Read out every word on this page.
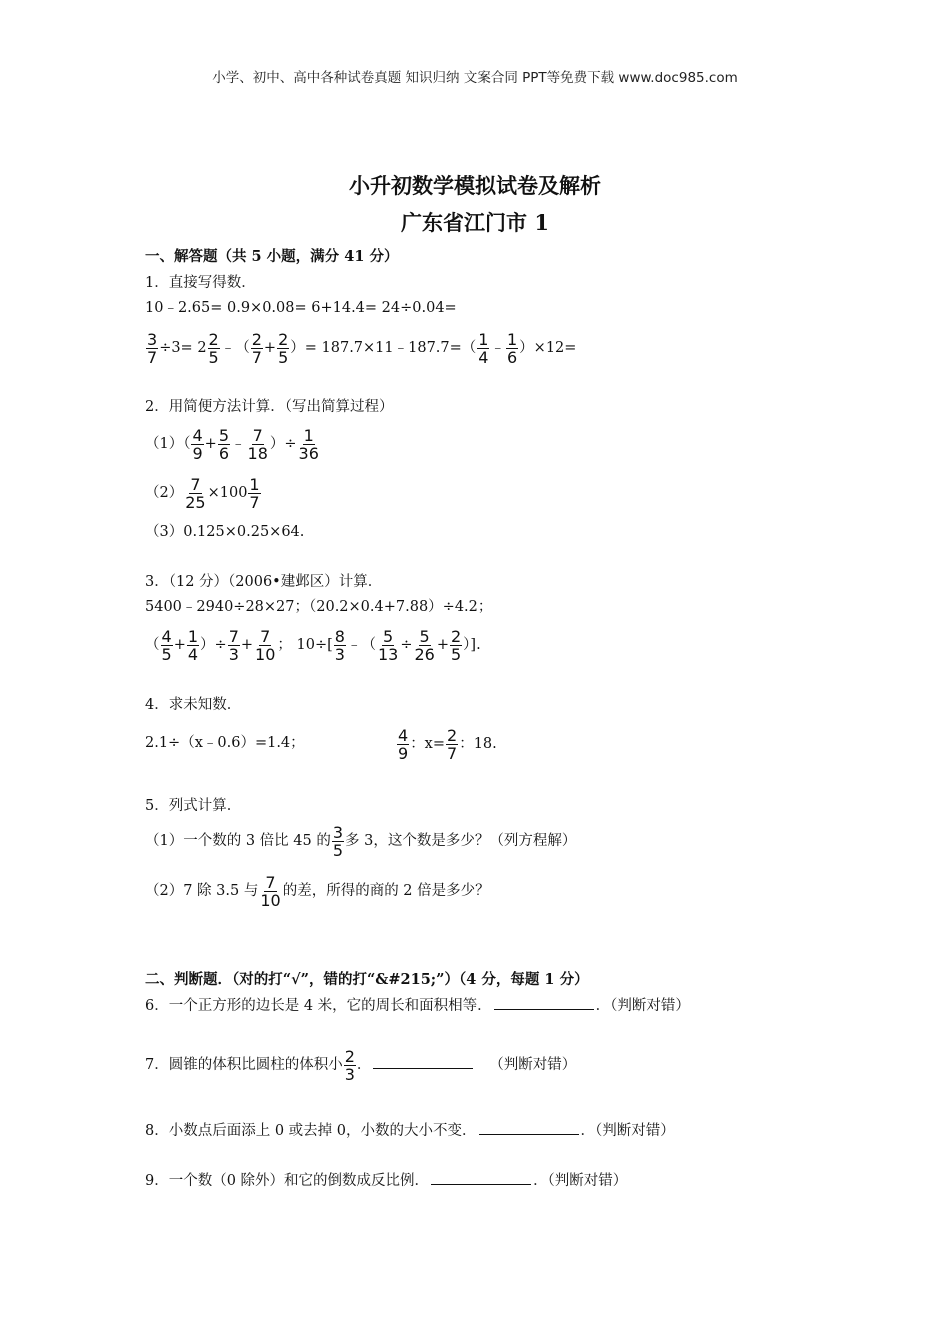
小学、初中、高中各种试卷真题 知识归纳 文案合同 PPT等免费下载 www.doc985.com
小升初数学模拟试卷及解析
广东省江门市 1
一、解答题（共 5 小题，满分 41 分）
1．直接写得数．
10﹣2.65= 0.9×0.08= 6+14.4= 24÷0.04=
$\frac{3}{7} \div 3= 2 \frac{2}{5}$ ﹣（ $\frac{2}{7} + \frac{2}{5}$ ）= 187.7×11﹣187.7=（ $\frac{1}{4}$ ﹣ $\frac{1}{6} )\times 12=$
2．用简便方法计算．（写出简算过程）
$(1)( \frac{4}{9} + \frac{5}{6}$ ﹣ $\frac{7}{18}$ ）÷ $\frac{1}{36}$
$(2) \frac{7}{25} \times 100 \frac{1}{7}$
（3）0.125×0.25×64.
3．（12 分）（2006•建邺区）计算．
5400﹣2940÷28×27；（20.2×0.4+7.88）÷4.2；
（ $\frac{4}{5} + \frac{1}{4}$ ）÷ $\frac{7}{3} + \frac{7}{10}$ ； $10\div[ \frac{8}{3}$ ﹣（ $\frac{5}{13} \div \frac{5}{26} + \frac{2}{5}$ ）].
4．求未知数．
2.1÷（x﹣0.6）=1.4；	$\frac{4}{9}$ ：$x= \frac{2}{7}$ ：18.
5．列式计算．
（1）一个数的 3 倍比 45 的 $\frac{3}{5}$ 多 3，这个数是多少？（列方程解）
（2）7 除 3.5 与 $\frac{7}{10}$ 的差，所得的商的 2 倍是多少？
二、判断题．（对的打“√”，错的打“&#215;”）（4 分，每题 1 分）
6．一个正方形的边长是 4 米，它的周长和面积相等．	．（判断对错）
7．圆锥的体积比圆柱的体积小 $\frac{2}{3}$ ．	（判断对错）
8．小数点后面添上 0 或去掉 0，小数的大小不变．	．（判断对错）
9．一个数（0 除外）和它的倒数成反比例．	．（判断对错）
